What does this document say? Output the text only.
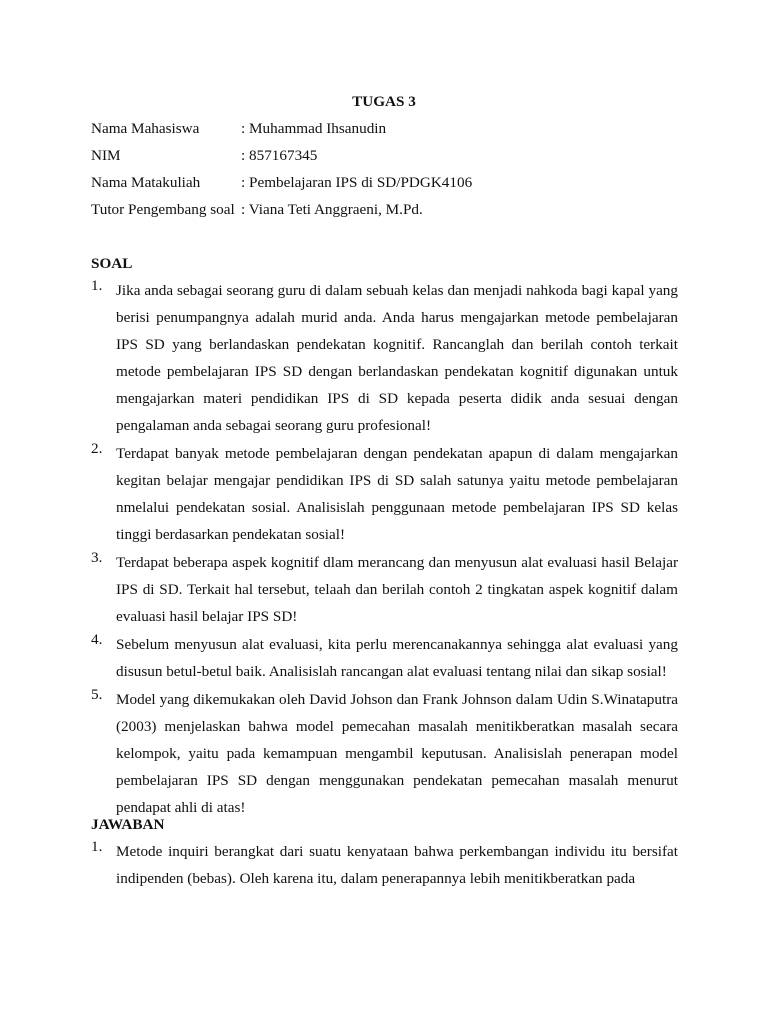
TUGAS 3
Nama Mahasiswa	: Muhammad Ihsanudin
NIM	: 857167345
Nama Matakuliah	: Pembelajaran IPS di SD/PDGK4106
Tutor Pengembang soal : Viana Teti Anggraeni, M.Pd.
SOAL
1. Jika anda sebagai seorang guru di dalam sebuah kelas dan menjadi nahkoda bagi kapal yang berisi penumpangnya adalah murid anda. Anda harus mengajarkan metode pembelajaran IPS SD yang berlandaskan pendekatan kognitif. Rancanglah dan berilah contoh terkait metode pembelajaran IPS SD dengan berlandaskan pendekatan kognitif digunakan untuk mengajarkan materi pendidikan IPS di SD kepada peserta didik anda sesuai dengan pengalaman anda sebagai seorang guru profesional!
2. Terdapat banyak metode pembelajaran dengan pendekatan apapun di dalam mengajarkan kegitan belajar mengajar pendidikan IPS di SD salah satunya yaitu metode pembelajaran nmelalui pendekatan sosial. Analisislah penggunaan metode pembelajaran IPS SD kelas tinggi berdasarkan pendekatan sosial!
3. Terdapat beberapa aspek kognitif dlam merancang dan menyusun alat evaluasi hasil Belajar IPS di SD. Terkait hal tersebut, telaah dan berilah contoh 2 tingkatan aspek kognitif dalam evaluasi hasil belajar IPS SD!
4. Sebelum menyusun alat evaluasi, kita perlu merencanakannya sehingga alat evaluasi yang disusun betul-betul baik. Analisislah rancangan alat evaluasi tentang nilai dan sikap sosial!
5. Model yang dikemukakan oleh David Johson dan Frank Johnson dalam Udin S.Winataputra (2003) menjelaskan bahwa model pemecahan masalah menitikberatkan masalah secara kelompok, yaitu pada kemampuan mengambil keputusan. Analisislah penerapan model pembelajaran IPS SD dengan menggunakan pendekatan pemecahan masalah menurut pendapat ahli di atas!
JAWABAN
1. Metode inquiri berangkat dari suatu kenyataan bahwa perkembangan individu itu bersifat indipenden (bebas). Oleh karena itu, dalam penerapannya lebih menitikberatkan pada
